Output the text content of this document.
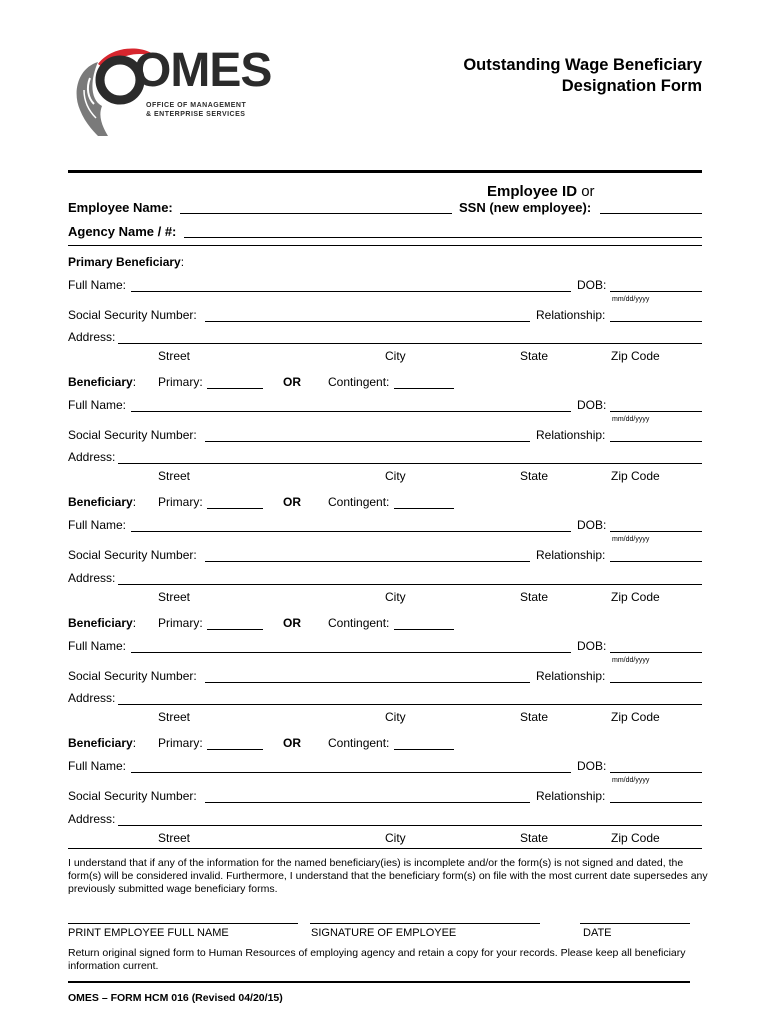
OMES
OFFICE OF MANAGEMENT
& ENTERPRISE SERVICES
Outstanding Wage Beneficiary
Designation Form
Employee ID or
Employee Name:	SSN (new employee):
Agency Name / #:
Primary Beneficiary:
Full Name:	DOB:
mm/dd/yyyy
Social Security Number:	Relationship:
Address:
Street	City	State	Zip Code
Beneficiary: Primary:	OR Contingent:
Full Name:	DOB:
mm/dd/yyyy
Social Security Number:	Relationship:
Address:
Street	City	State	Zip Code
Beneficiary: Primary:	OR Contingent:
Full Name:	DOB:
mm/dd/yyyy
Social Security Number:	Relationship:
Address:
Street	City	State	Zip Code
Beneficiary: Primary:	OR Contingent:
Full Name:	DOB:
mm/dd/yyyy
Social Security Number:	Relationship:
Address:
Street	City	State	Zip Code
Beneficiary: Primary:	OR Contingent:
Full Name:	DOB:
mm/dd/yyyy
Social Security Number:	Relationship:
Address:
Street	City	State	Zip Code
I understand that if any of the information for the named beneficiary(ies) is incomplete and/or the form(s) is not signed and dated, the form(s) will be considered invalid. Furthermore, I understand that the beneficiary form(s) on file with the most current date supersedes any previously submitted wage beneficiary forms.
PRINT EMPLOYEE FULL NAME	SIGNATURE OF EMPLOYEE	DATE
Return original signed form to Human Resources of employing agency and retain a copy for your records. Please keep all beneficiary information current.
OMES – FORM HCM 016 (Revised 04/20/15)
